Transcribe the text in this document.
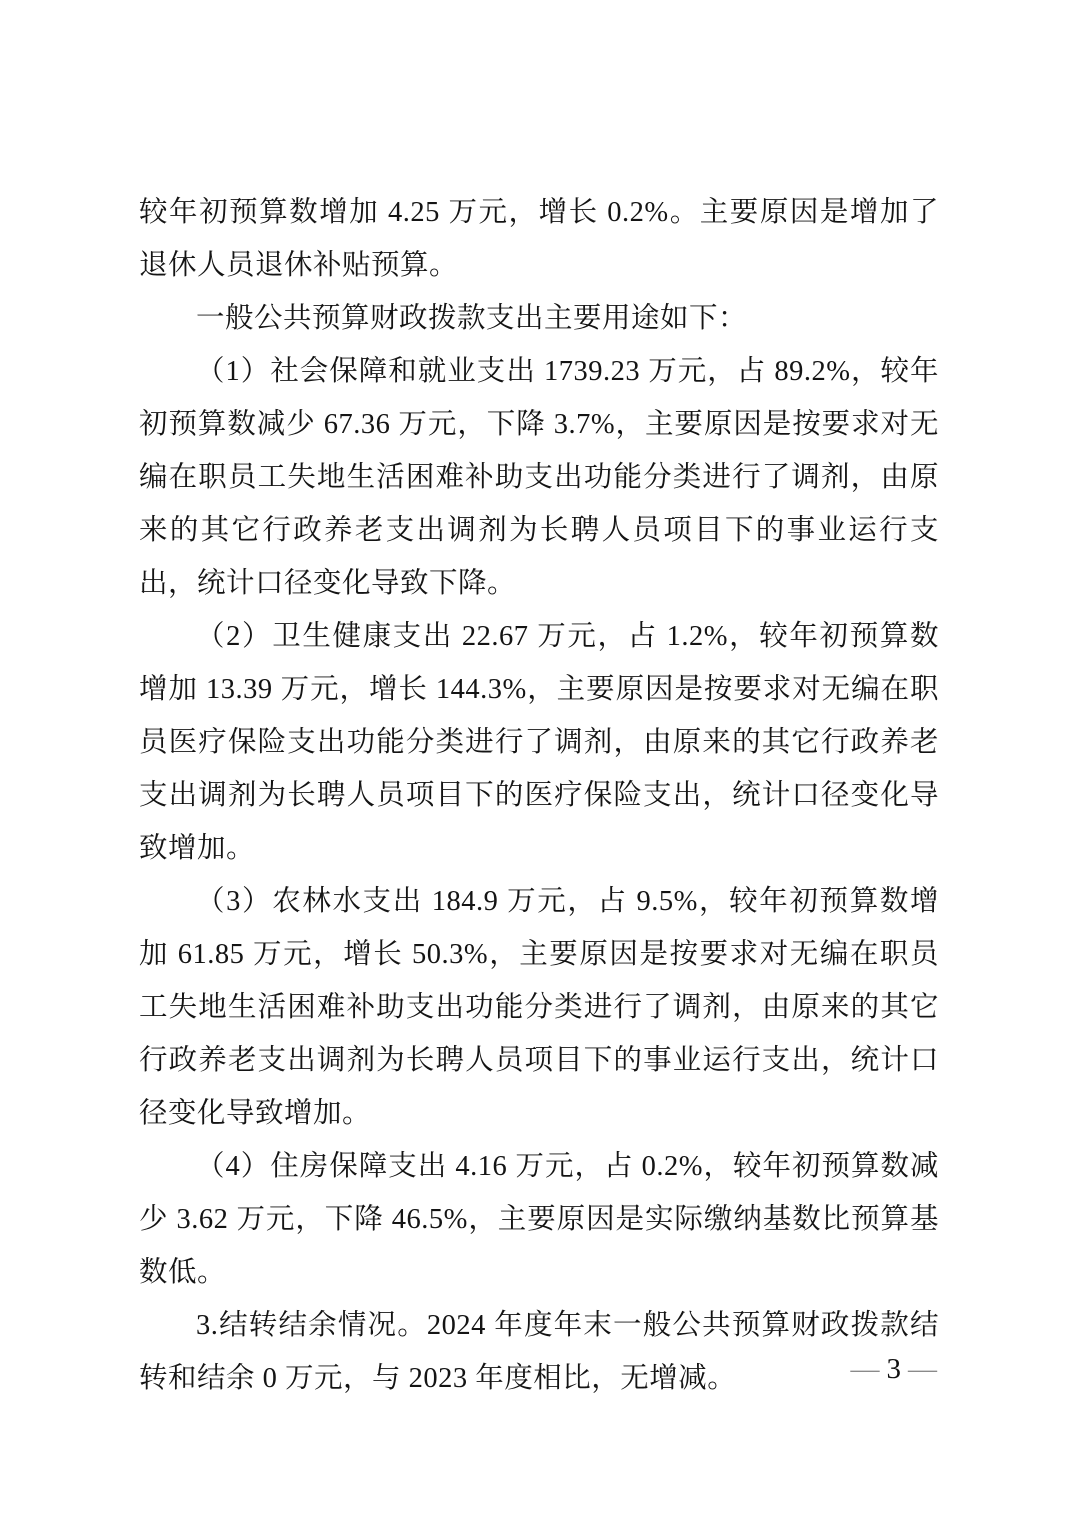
较年初预算数增加 4.25 万元，增长 0.2%。主要原因是增加了退休人员退休补贴预算。

一般公共预算财政拨款支出主要用途如下：

（1）社会保障和就业支出 1739.23 万元，占 89.2%，较年初预算数减少 67.36 万元，下降 3.7%，主要原因是按要求对无编在职员工失地生活困难补助支出功能分类进行了调剂，由原来的其它行政养老支出调剂为长聘人员项目下的事业运行支出，统计口径变化导致下降。

（2）卫生健康支出 22.67 万元，占 1.2%，较年初预算数增加 13.39 万元，增长 144.3%，主要原因是按要求对无编在职员医疗保险支出功能分类进行了调剂，由原来的其它行政养老支出调剂为长聘人员项目下的医疗保险支出，统计口径变化导致增加。

（3）农林水支出 184.9 万元，占 9.5%，较年初预算数增加 61.85 万元，增长 50.3%，主要原因是按要求对无编在职员工失地生活困难补助支出功能分类进行了调剂，由原来的其它行政养老支出调剂为长聘人员项目下的事业运行支出，统计口径变化导致增加。

（4）住房保障支出 4.16 万元，占 0.2%，较年初预算数减少 3.62 万元，下降 46.5%，主要原因是实际缴纳基数比预算基数低。

3.结转结余情况。2024 年度年末一般公共预算财政拨款结转和结余 0 万元，与 2023 年度相比，无增减。	— 3 —
